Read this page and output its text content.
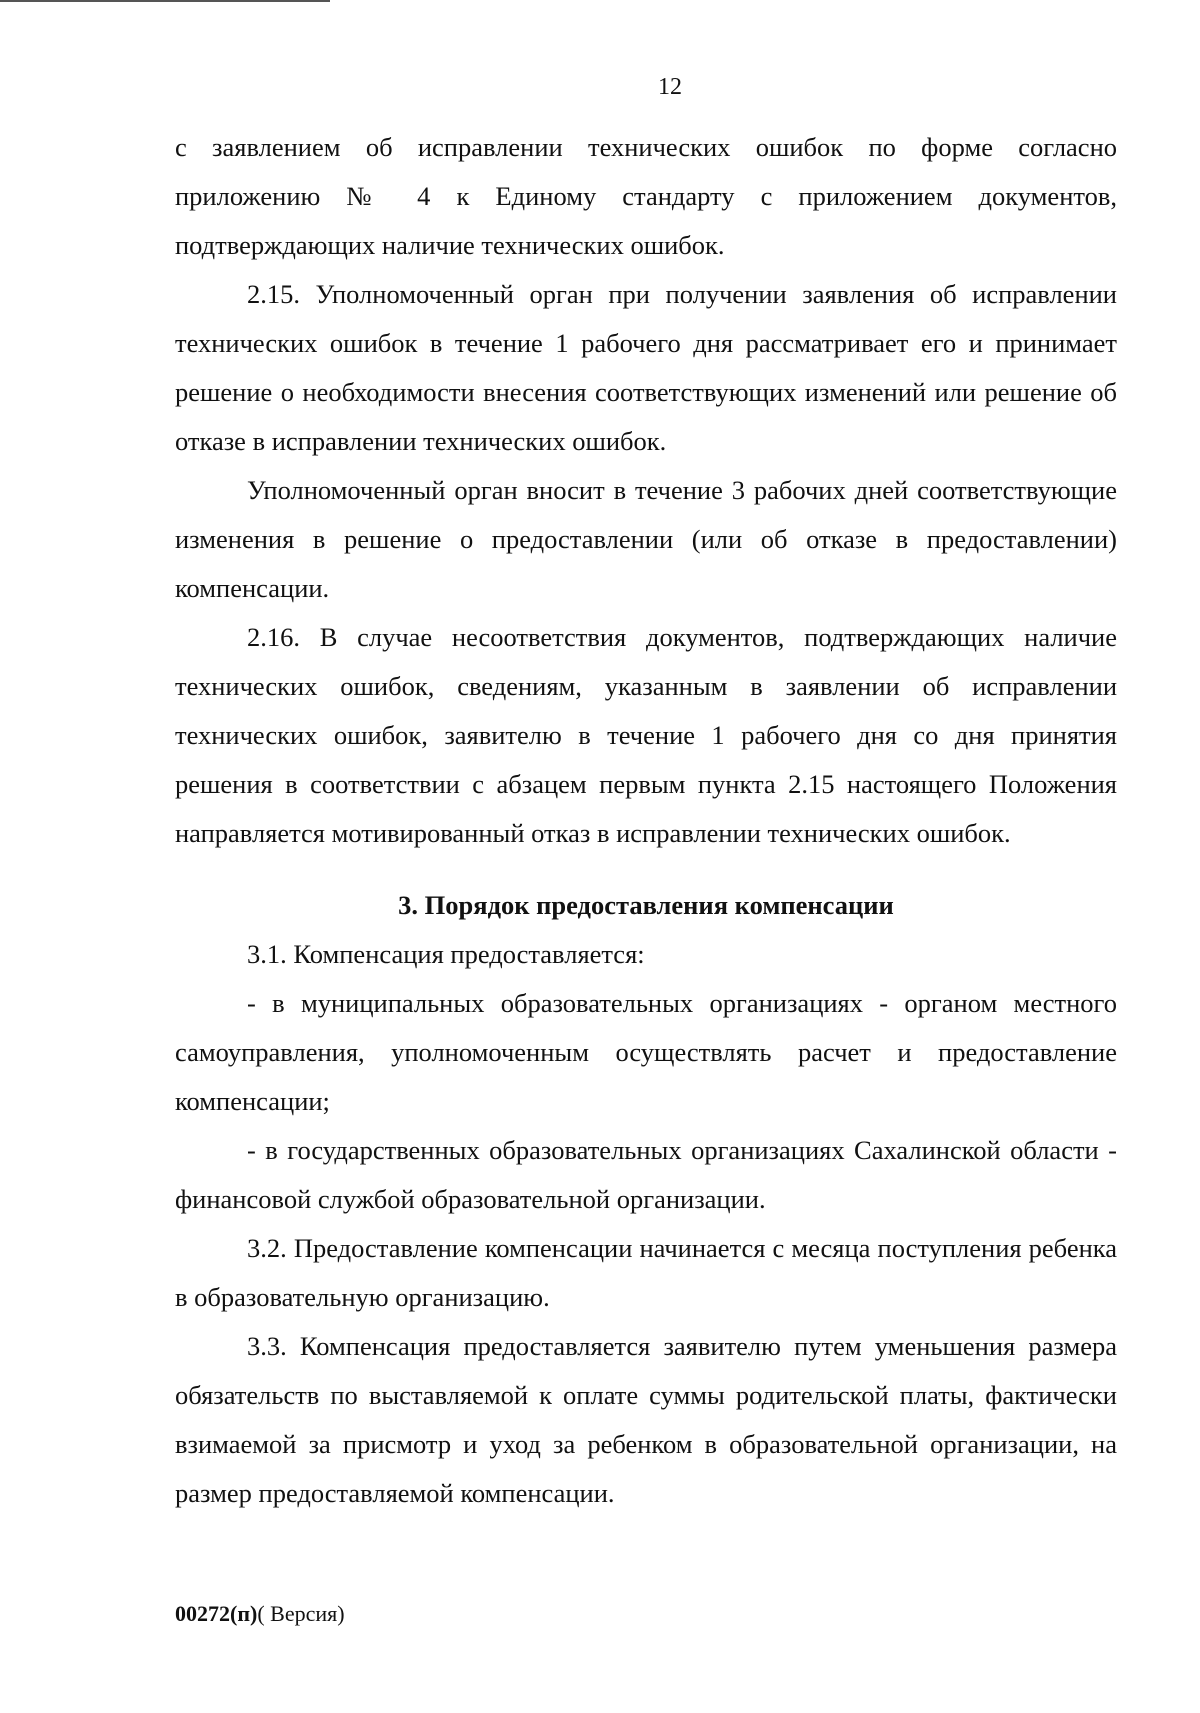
12

с заявлением об исправлении технических ошибок по форме согласно приложению № 4 к Единому стандарту с приложением документов, подтверждающих наличие технических ошибок.

2.15. Уполномоченный орган при получении заявления об исправлении технических ошибок в течение 1 рабочего дня рассматривает его и принимает решение о необходимости внесения соответствующих изменений или решение об отказе в исправлении технических ошибок.

Уполномоченный орган вносит в течение 3 рабочих дней соответствующие изменения в решение о предоставлении (или об отказе в предоставлении) компенсации.

2.16. В случае несоответствия документов, подтверждающих наличие технических ошибок, сведениям, указанным в заявлении об исправлении технических ошибок, заявителю в течение 1 рабочего дня со дня принятия решения в соответствии с абзацем первым пункта 2.15 настоящего Положения направляется мотивированный отказ в исправлении технических ошибок.

3. Порядок предоставления компенсации

3.1. Компенсация предоставляется:

- в муниципальных образовательных организациях - органом местного самоуправления, уполномоченным осуществлять расчет и предоставление компенсации;

- в государственных образовательных организациях Сахалинской области - финансовой службой образовательной организации.

3.2. Предоставление компенсации начинается с месяца поступления ребенка в образовательную организацию.

3.3. Компенсация предоставляется заявителю путем уменьшения размера обязательств по выставляемой к оплате суммы родительской платы, фактически взимаемой за присмотр и уход за ребенком в образовательной организации, на размер предоставляемой компенсации.

00272(п)( Версия)
